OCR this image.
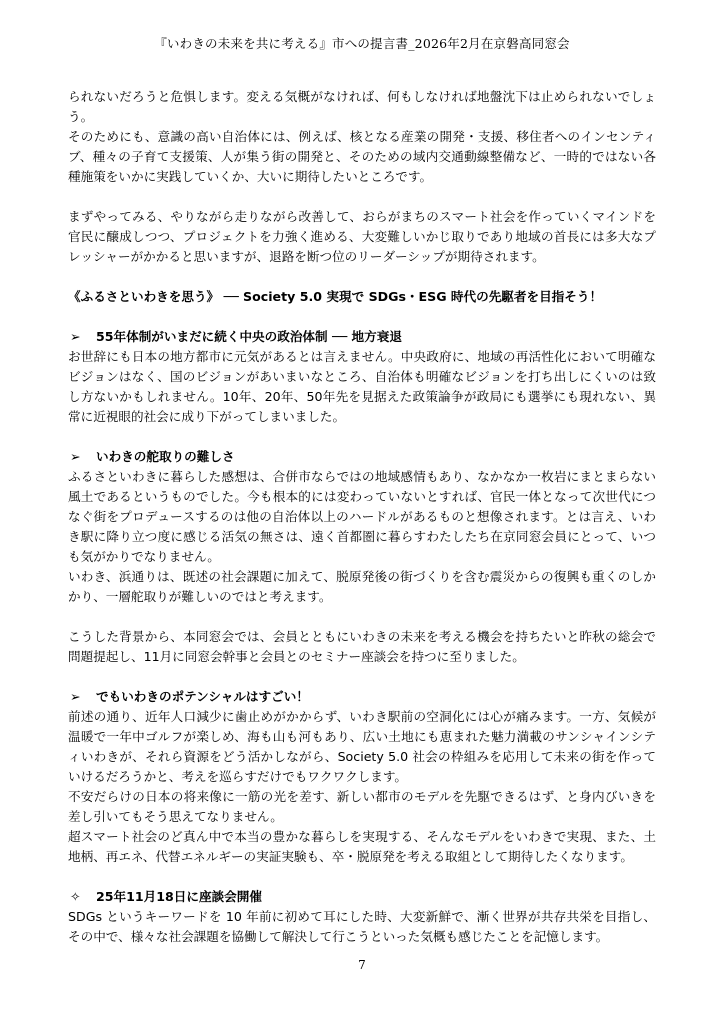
『いわきの未来を共に考える』市への提言書_2026年2月在京磐高同窓会

られないだろうと危惧します。変える気概がなければ、何もしなければ地盤沈下は止められないでしょう。

そのためにも、意識の高い自治体には、例えば、核となる産業の開発・支援、移住者へのインセンティブ、種々の子育て支援策、人が集う街の開発と、そのための域内交通動線整備など、一時的ではない各種施策をいかに実践していくか、大いに期待したいところです。

まずやってみる、やりながら走りながら改善して、おらがまちのスマート社会を作っていくマインドを官民に醸成しつつ、プロジェクトを力強く進める、大変難しいかじ取りであり地域の首長には多大なプレッシャーがかかると思いますが、退路を断つ位のリーダーシップが期待されます。

《ふるさといわきを思う》 ── Society 5.0 実現で SDGs・ESG 時代の先駆者を目指そう！

➢ 55年体制がいまだに続く中央の政治体制 ── 地方衰退

お世辞にも日本の地方都市に元気があるとは言えません。中央政府に、地域の再活性化において明確なビジョンはなく、国のビジョンがあいまいなところ、自治体も明確なビジョンを打ち出しにくいのは致し方ないかもしれません。10年、20年、50年先を見据えた政策論争が政局にも選挙にも現れない、異常に近視眼的社会に成り下がってしまいました。

➢ いわきの舵取りの難しさ

ふるさといわきに暮らした感想は、合併市ならではの地域感情もあり、なかなか一枚岩にまとまらない風土であるというものでした。今も根本的には変わっていないとすれば、官民一体となって次世代につなぐ街をプロデュースするのは他の自治体以上のハードルがあるものと想像されます。とは言え、いわき駅に降り立つ度に感じる活気の無さは、遠く首都圏に暮らすわたしたち在京同窓会員にとって、いつも気がかりでなりません。

いわき、浜通りは、既述の社会課題に加えて、脱原発後の街づくりを含む震災からの復興も重くのしかかり、一層舵取りが難しいのではと考えます。

こうした背景から、本同窓会では、会員とともにいわきの未来を考える機会を持ちたいと昨秋の総会で問題提起し、11月に同窓会幹事と会員とのセミナー座談会を持つに至りました。

➢ でもいわきのポテンシャルはすごい！

前述の通り、近年人口減少に歯止めがかからず、いわき駅前の空洞化には心が痛みます。一方、気候が温暖で一年中ゴルフが楽しめ、海も山も河もあり、広い土地にも恵まれた魅力満載のサンシャインシティいわきが、それら資源をどう活かしながら、Society 5.0 社会の枠組みを応用して未来の街を作っていけるだろうかと、考えを巡らすだけでもワクワクします。

不安だらけの日本の将来像に一筋の光を差す、新しい都市のモデルを先駆できるはず、と身内びいきを差し引いてもそう思えてなりません。

超スマート社会のど真ん中で本当の豊かな暮らしを実現する、そんなモデルをいわきで実現、また、土地柄、再エネ、代替エネルギーの実証実験も、卒・脱原発を考える取組として期待したくなります。

✧ 25年11月18日に座談会開催

SDGs というキーワードを 10 年前に初めて耳にした時、大変新鮮で、漸く世界が共存共栄を目指し、その中で、様々な社会課題を協働して解決して行こうといった気概も感じたことを記憶します。

7
